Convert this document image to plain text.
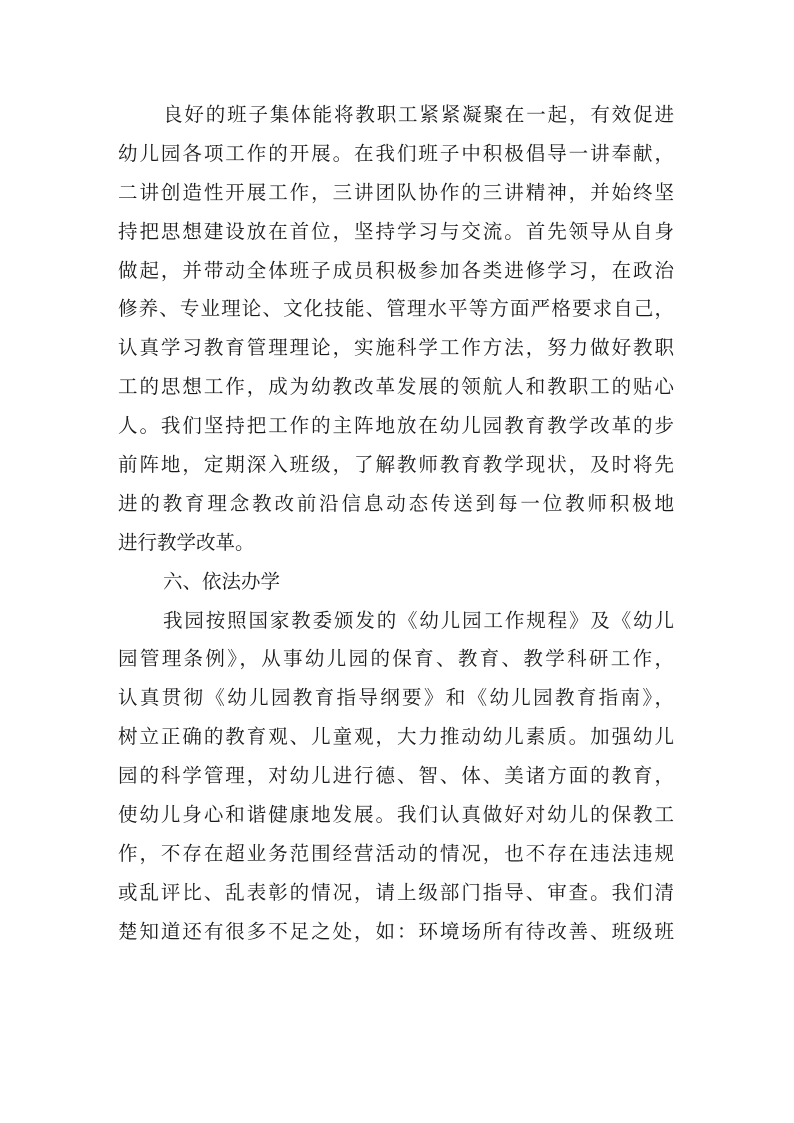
良好的班子集体能将教职工紧紧凝聚在一起，有效促进
幼儿园各项工作的开展。在我们班子中积极倡导一讲奉献，
二讲创造性开展工作，三讲团队协作的三讲精神，并始终坚
持把思想建设放在首位，坚持学习与交流。首先领导从自身
做起，并带动全体班子成员积极参加各类进修学习，在政治
修养、专业理论、文化技能、管理水平等方面严格要求自己，
认真学习教育管理理论，实施科学工作方法，努力做好教职
工的思想工作，成为幼教改革发展的领航人和教职工的贴心
人。我们坚持把工作的主阵地放在幼儿园教育教学改革的步
前阵地，定期深入班级，了解教师教育教学现状，及时将先
进的教育理念教改前沿信息动态传送到每一位教师积极地
进行教学改革。
六、依法办学
我园按照国家教委颁发的《幼儿园工作规程》及《幼儿
园管理条例》，从事幼儿园的保育、教育、教学科研工作，
认真贯彻《幼儿园教育指导纲要》和《幼儿园教育指南》，
树立正确的教育观、儿童观，大力推动幼儿素质。加强幼儿
园的科学管理，对幼儿进行德、智、体、美诸方面的教育，
使幼儿身心和谐健康地发展。我们认真做好对幼儿的保教工
作，不存在超业务范围经营活动的情况，也不存在违法违规
或乱评比、乱表彰的情况，请上级部门指导、审查。我们清
楚知道还有很多不足之处，如：环境场所有待改善、班级班
